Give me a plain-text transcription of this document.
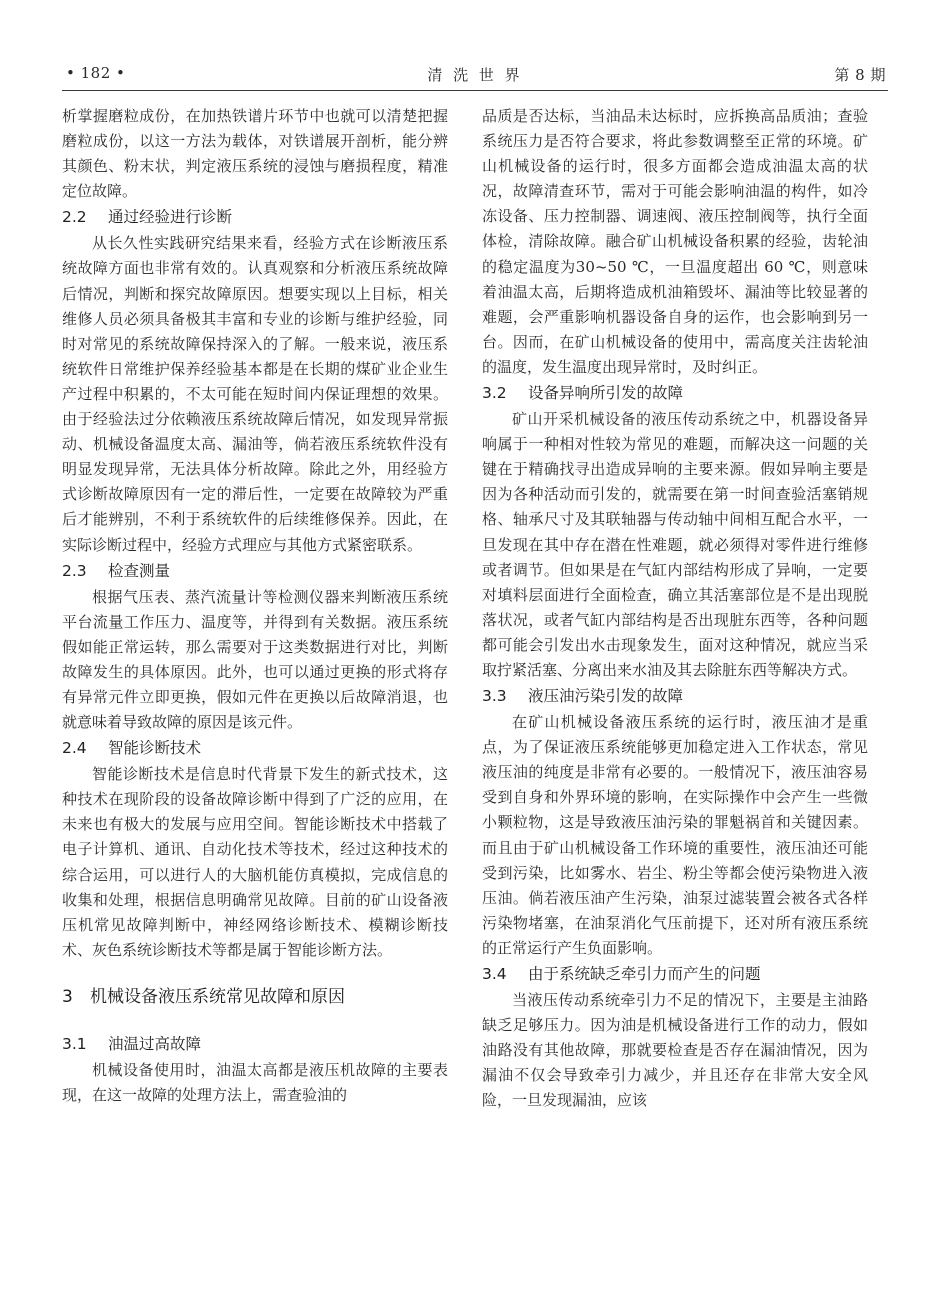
• 182 •	清 洗 世 界	第 8 期

析掌握磨粒成份，在加热铁谱片环节中也就可以清楚把握磨粒成份，以这一方法为载体，对铁谱展开剖析，能分辨其颜色、粉末状，判定液压系统的浸蚀与磨损程度，精准定位故障。

2.2 通过经验进行诊断

从长久性实践研究结果来看，经验方式在诊断液压系统故障方面也非常有效的。认真观察和分析液压系统故障后情况，判断和探究故障原因。想要实现以上目标，相关维修人员必须具备极其丰富和专业的诊断与维护经验，同时对常见的系统故障保持深入的了解。一般来说，液压系统软件日常维护保养经验基本都是在长期的煤矿业企业生产过程中积累的，不太可能在短时间内保证理想的效果。由于经验法过分依赖液压系统故障后情况，如发现异常振动、机械设备温度太高、漏油等，倘若液压系统软件没有明显发现异常，无法具体分析故障。除此之外，用经验方式诊断故障原因有一定的滞后性，一定要在故障较为严重后才能辨别，不利于系统软件的后续维修保养。因此，在实际诊断过程中，经验方式理应与其他方式紧密联系。

2.3 检查测量

根据气压表、蒸汽流量计等检测仪器来判断液压系统平台流量工作压力、温度等，并得到有关数据。液压系统假如能正常运转，那么需要对于这类数据进行对比，判断故障发生的具体原因。此外，也可以通过更换的形式将存有异常元件立即更换，假如元件在更换以后故障消退，也就意味着导致故障的原因是该元件。

2.4 智能诊断技术

智能诊断技术是信息时代背景下发生的新式技术，这种技术在现阶段的设备故障诊断中得到了广泛的应用，在未来也有极大的发展与应用空间。智能诊断技术中搭载了电子计算机、通讯、自动化技术等技术，经过这种技术的综合运用，可以进行人的大脑机能仿真模拟，完成信息的收集和处理，根据信息明确常见故障。目前的矿山设备液压机常见故障判断中，神经网络诊断技术、模糊诊断技术、灰色系统诊断技术等都是属于智能诊断方法。

3 机械设备液压系统常见故障和原因
3.1 油温过高故障

机械设备使用时，油温太高都是液压机故障的主要表现，在这一故障的处理方法上，需查验油的

品质是否达标，当油品未达标时，应拆换高品质油；查验系统压力是否符合要求，将此参数调整至正常的环境。矿山机械设备的运行时，很多方面都会造成油温太高的状况，故障清查环节，需对于可能会影响油温的构件，如冷冻设备、压力控制器、调速阀、液压控制阀等，执行全面体检，清除故障。融合矿山机械设备积累的经验，齿轮油的稳定温度为30~50 ℃，一旦温度超出 60 ℃，则意味着油温太高，后期将造成机油箱毁坏、漏油等比较显著的难题，会严重影响机器设备自身的运作，也会影响到另一台。因而，在矿山机械设备的使用中，需高度关注齿轮油的温度，发生温度出现异常时，及时纠正。

3.2 设备异响所引发的故障

矿山开采机械设备的液压传动系统之中，机器设备异响属于一种相对性较为常见的难题，而解决这一问题的关键在于精确找寻出造成异响的主要来源。假如异响主要是因为各种活动而引发的，就需要在第一时间查验活塞销规格、轴承尺寸及其联轴器与传动轴中间相互配合水平，一旦发现在其中存在潜在性难题，就必须得对零件进行维修或者调节。但如果是在气缸内部结构形成了异响，一定要对填料层面进行全面检查，确立其活塞部位是不是出现脱落状况，或者气缸内部结构是否出现脏东西等，各种问题都可能会引发出水击现象发生，面对这种情况，就应当采取拧紧活塞、分离出来水油及其去除脏东西等解决方式。

3.3 液压油污染引发的故障

在矿山机械设备液压系统的运行时，液压油才是重点，为了保证液压系统能够更加稳定进入工作状态，常见液压油的纯度是非常有必要的。一般情况下，液压油容易受到自身和外界环境的影响，在实际操作中会产生一些微小颗粒物，这是导致液压油污染的罪魁祸首和关键因素。而且由于矿山机械设备工作环境的重要性，液压油还可能受到污染，比如雾水、岩尘、粉尘等都会使污染物进入液压油。倘若液压油产生污染，油泵过滤装置会被各式各样污染物堵塞，在油泵消化气压前提下，还对所有液压系统的正常运行产生负面影响。

3.4 由于系统缺乏牵引力而产生的问题

当液压传动系统牵引力不足的情况下，主要是主油路缺乏足够压力。因为油是机械设备进行工作的动力，假如油路没有其他故障，那就要检查是否存在漏油情况，因为漏油不仅会导致牵引力减少，并且还存在非常大安全风险，一旦发现漏油，应该
